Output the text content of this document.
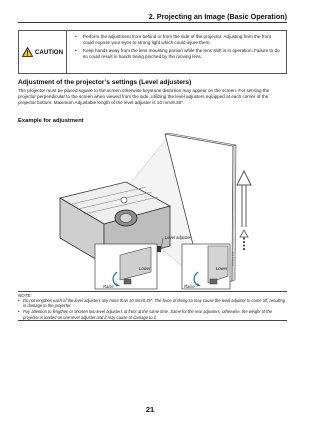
2. Projecting an Image (Basic Operation)
CAUTION
• Perform the adjustment from behind or from the side of the projector. Adjusting from the front could expose your eyes to strong light which could injure them.
• Keep hands away from the lens mounting portion while the lens shift is in operation. Failure to do so could result in hands being pinched by the moving lens.
Adjustment of the projector’s settings (Level adjusters)
The projector must be placed square to the screen otherwise keystone distortion may appear on the screen. For set-ting the projector perpendicular to the screen when viewed from the side, utilizing the level adjusters equipped at each corner of the projector bottom. Maximum Adjustable length of the level adjuster is 10 mm/0.39".
Example for adjustment
Level adjuster
Lower
Raise
Lower
Raise
NOTE:
• Do not lengthen each of the level adjusters any more than 10 mm/0.39". The force of doing so may cause the level adjuster to come off, resulting in damage to the projector.
• Pay attention to lengthen or shorten two level adjusters at front at the same time. Same for the rear adjusters, otherwise, the weight of the projector is loaded on one level adjuster and it may cause of damage to it.
21
